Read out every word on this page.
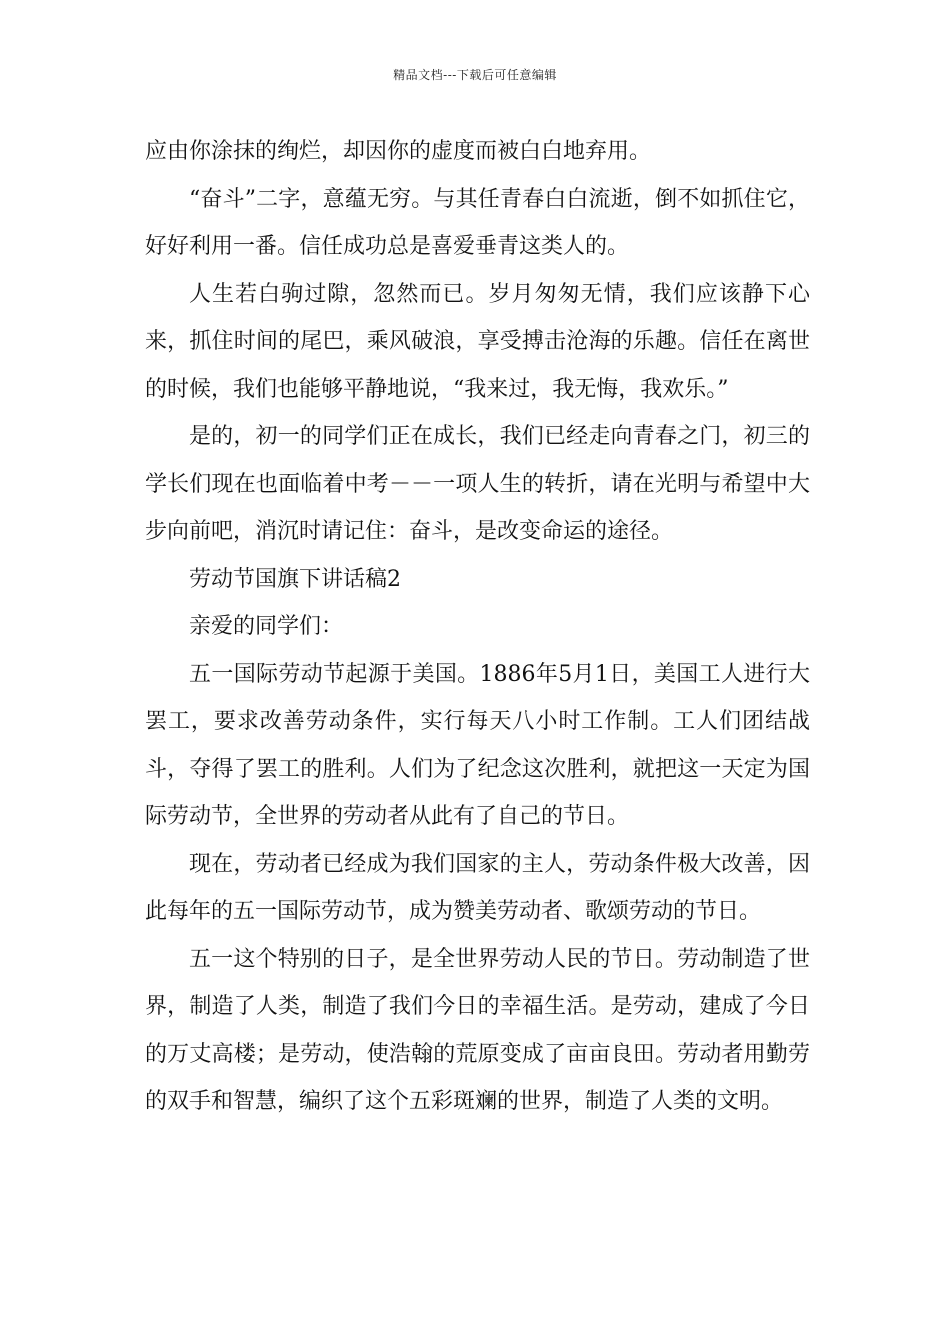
精品文档---下载后可任意编辑

应由你涂抹的绚烂，却因你的虚度而被白白地弃用。

“奋斗”二字，意蕴无穷。与其任青春白白流逝，倒不如抓住它，好好利用一番。信任成功总是喜爱垂青这类人的。

人生若白驹过隙，忽然而已。岁月匆匆无情，我们应该静下心来，抓住时间的尾巴，乘风破浪，享受搏击沧海的乐趣。信任在离世的时候，我们也能够平静地说，“我来过，我无悔，我欢乐。”

是的，初一的同学们正在成长，我们已经走向青春之门，初三的学长们现在也面临着中考－－一项人生的转折，请在光明与希望中大步向前吧，消沉时请记住：奋斗，是改变命运的途径。

劳动节国旗下讲话稿2

亲爱的同学们：

五一国际劳动节起源于美国。1886年5月1日，美国工人进行大罢工，要求改善劳动条件，实行每天八小时工作制。工人们团结战斗，夺得了罢工的胜利。人们为了纪念这次胜利，就把这一天定为国际劳动节，全世界的劳动者从此有了自己的节日。

现在，劳动者已经成为我们国家的主人，劳动条件极大改善，因此每年的五一国际劳动节，成为赞美劳动者、歌颂劳动的节日。

五一这个特别的日子，是全世界劳动人民的节日。劳动制造了世界，制造了人类，制造了我们今日的幸福生活。是劳动，建成了今日的万丈高楼；是劳动，使浩翰的荒原变成了亩亩良田。劳动者用勤劳的双手和智慧，编织了这个五彩斑斓的世界，制造了人类的文明。
